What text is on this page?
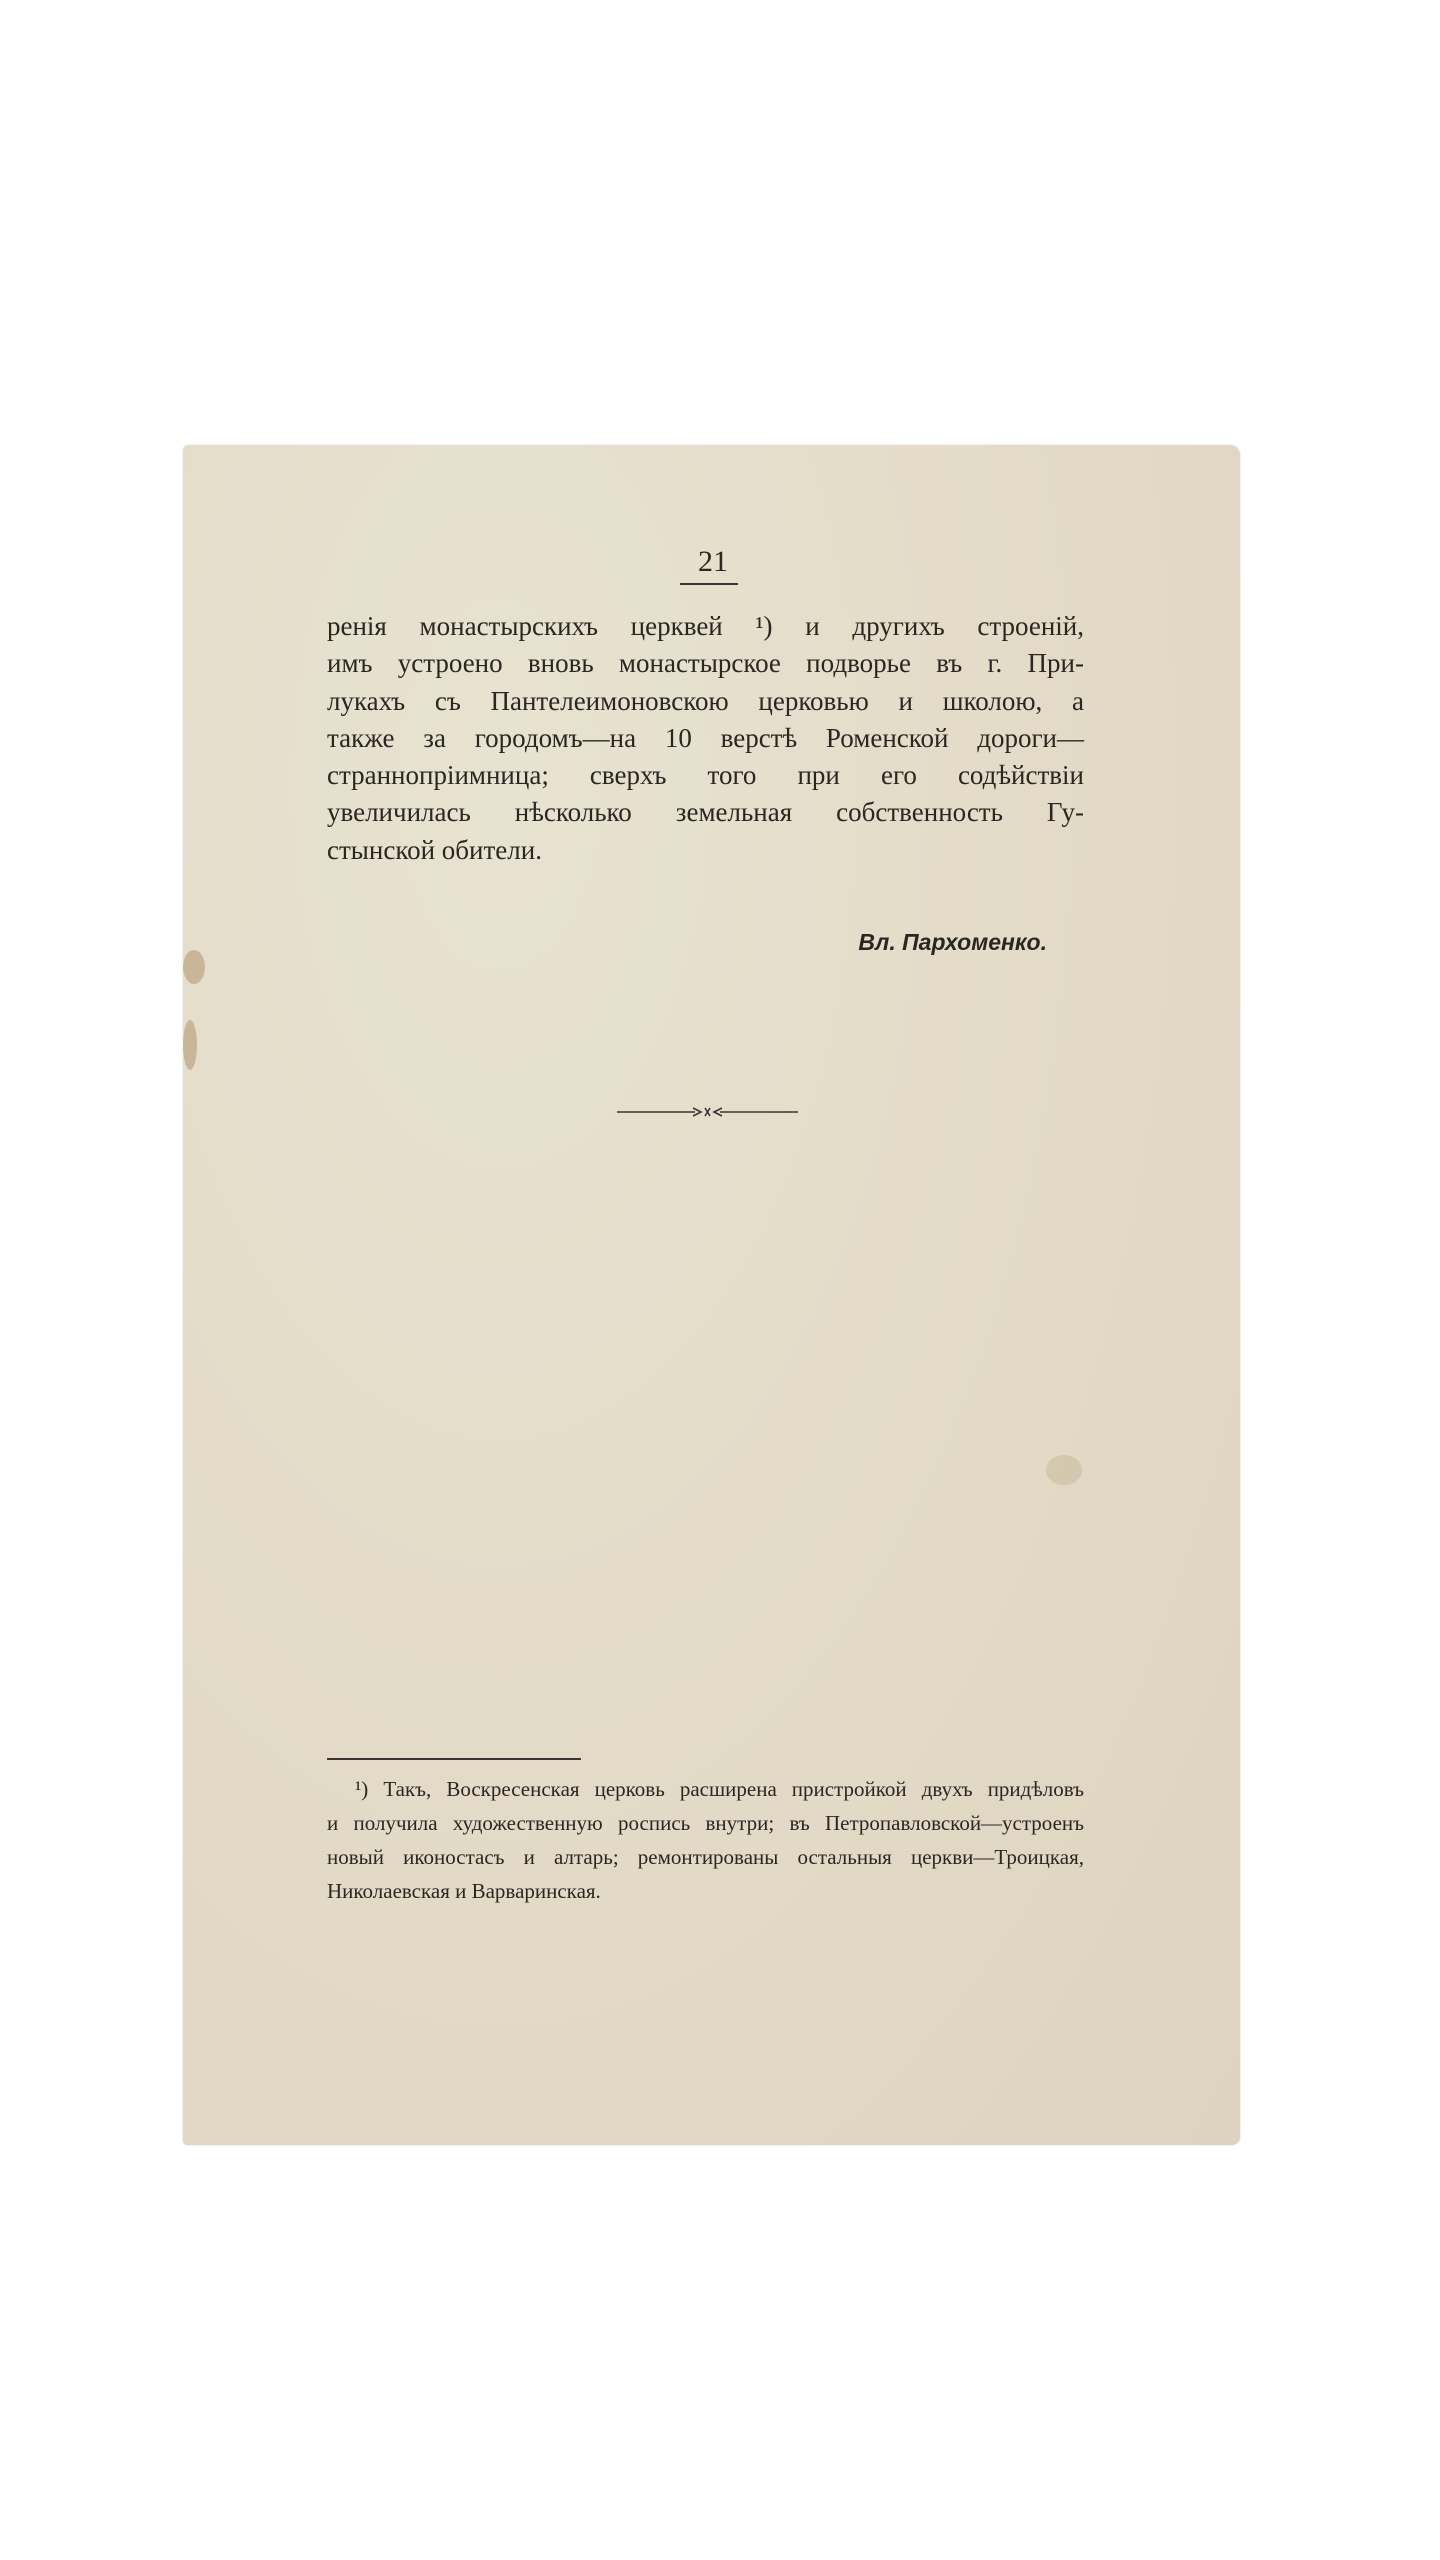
21
ренія монастырскихъ церквей ¹) и другихъ строеній,
имъ устроено вновь монастырское подворье въ г. При-
лукахъ съ Пантелеимоновскою церковью и школою, а
также за городомъ—на 10 верстѣ Роменской дороги—
страннопріимница; сверхъ того при его содѣйствіи
увеличилась нѣсколько земельная собственность Гу-
стынской обители.
Вл. Пархоменко.
¹) Такъ, Воскресенская церковь расширена пристройкой двухъ придѣловъ
и получила художественную роспись внутри; въ Петропавловской—устроенъ
новый иконостасъ и алтарь; ремонтированы остальныя церкви—Троицкая,
Николаевская и Варваринская.
